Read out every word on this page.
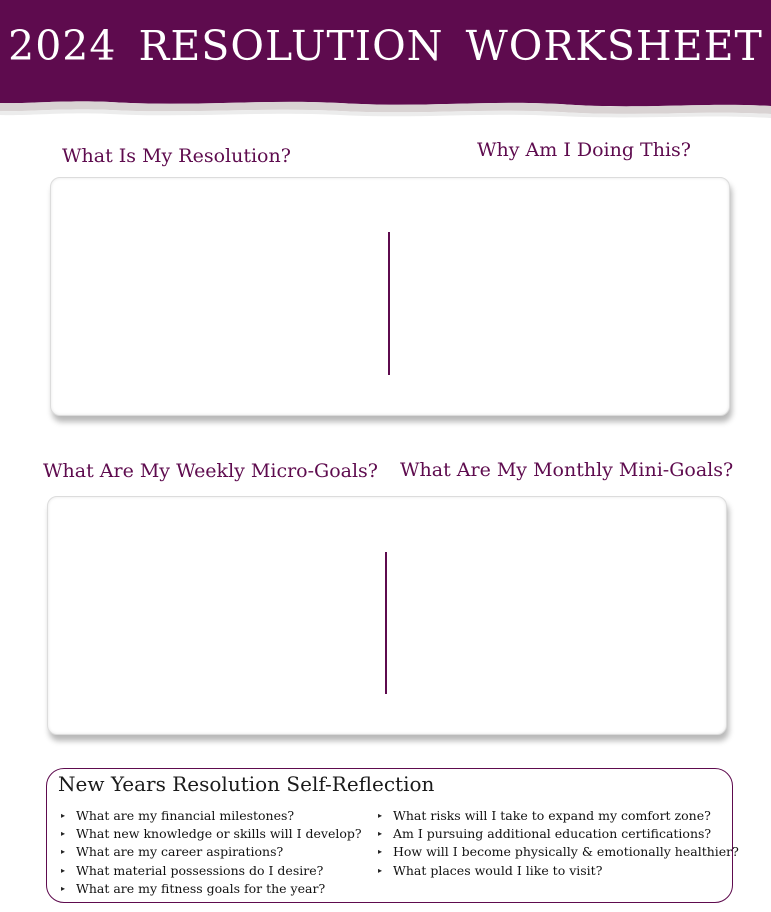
2024 RESOLUTION WORKSHEET
What Is My Resolution?	Why Am I Doing This?
What Are My Weekly Micro-Goals? What Are My Monthly Mini-Goals?
New Years Resolution Self-Reflection
▸ What are my financial milestones?
▸ What new knowledge or skills will I develop?
▸ What are my career aspirations?
▸ What material possessions do I desire?
▸ What are my fitness goals for the year?
▸ What risks will I take to expand my comfort zone?
▸ Am I pursuing additional education certifications?
▸ How will I become physically & emotionally healthier?
▸ What places would I like to visit?
